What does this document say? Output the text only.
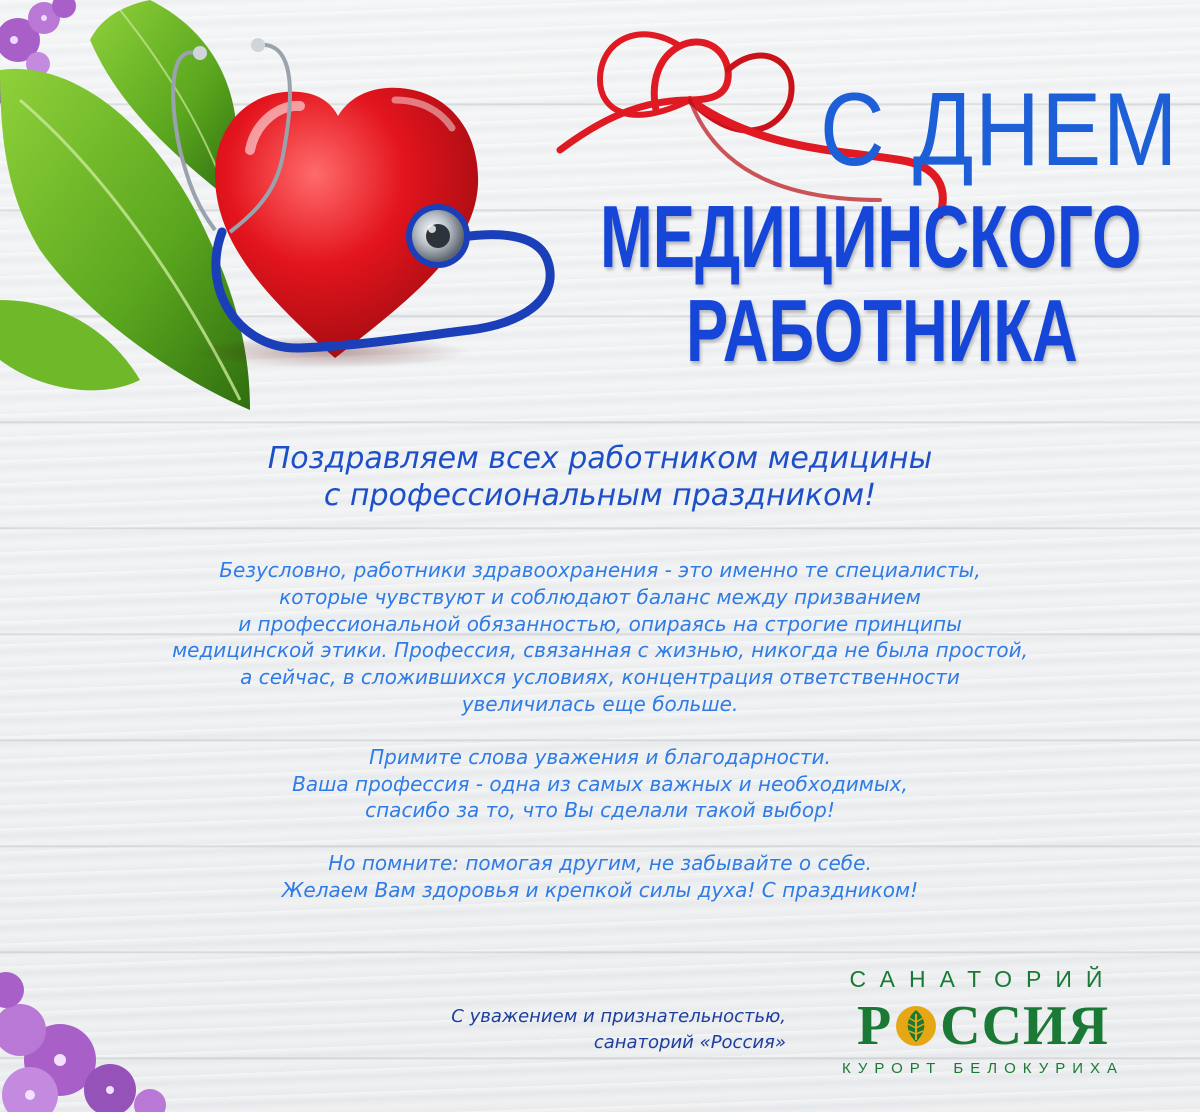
С ДНЕМ
МЕДИЦИНСКОГО
РАБОТНИКА
Поздравляем всех работником медицины
с профессиональным праздником!

Безусловно, работники здравоохранения - это именно те специалисты,
которые чувствуют и соблюдают баланс между призванием
и профессиональной обязанностью, опираясь на строгие принципы
медицинской этики. Профессия, связанная с жизнью, никогда не была простой,
а сейчас, в сложившихся условиях, концентрация ответственности
увеличилась еще больше.

Примите слова уважения и благодарности.
Ваша профессия - одна из самых важных и необходимых,
спасибо за то, что Вы сделали такой выбор!

Но помните: помогая другим, не забывайте о себе.
Желаем Вам здоровья и крепкой силы духа! С праздником!

С уважением и признательностью,
санаторий «Россия»
САНАТОРИЙ
Р ССИЯ
КУРОРТ БЕЛОКУРИХА
